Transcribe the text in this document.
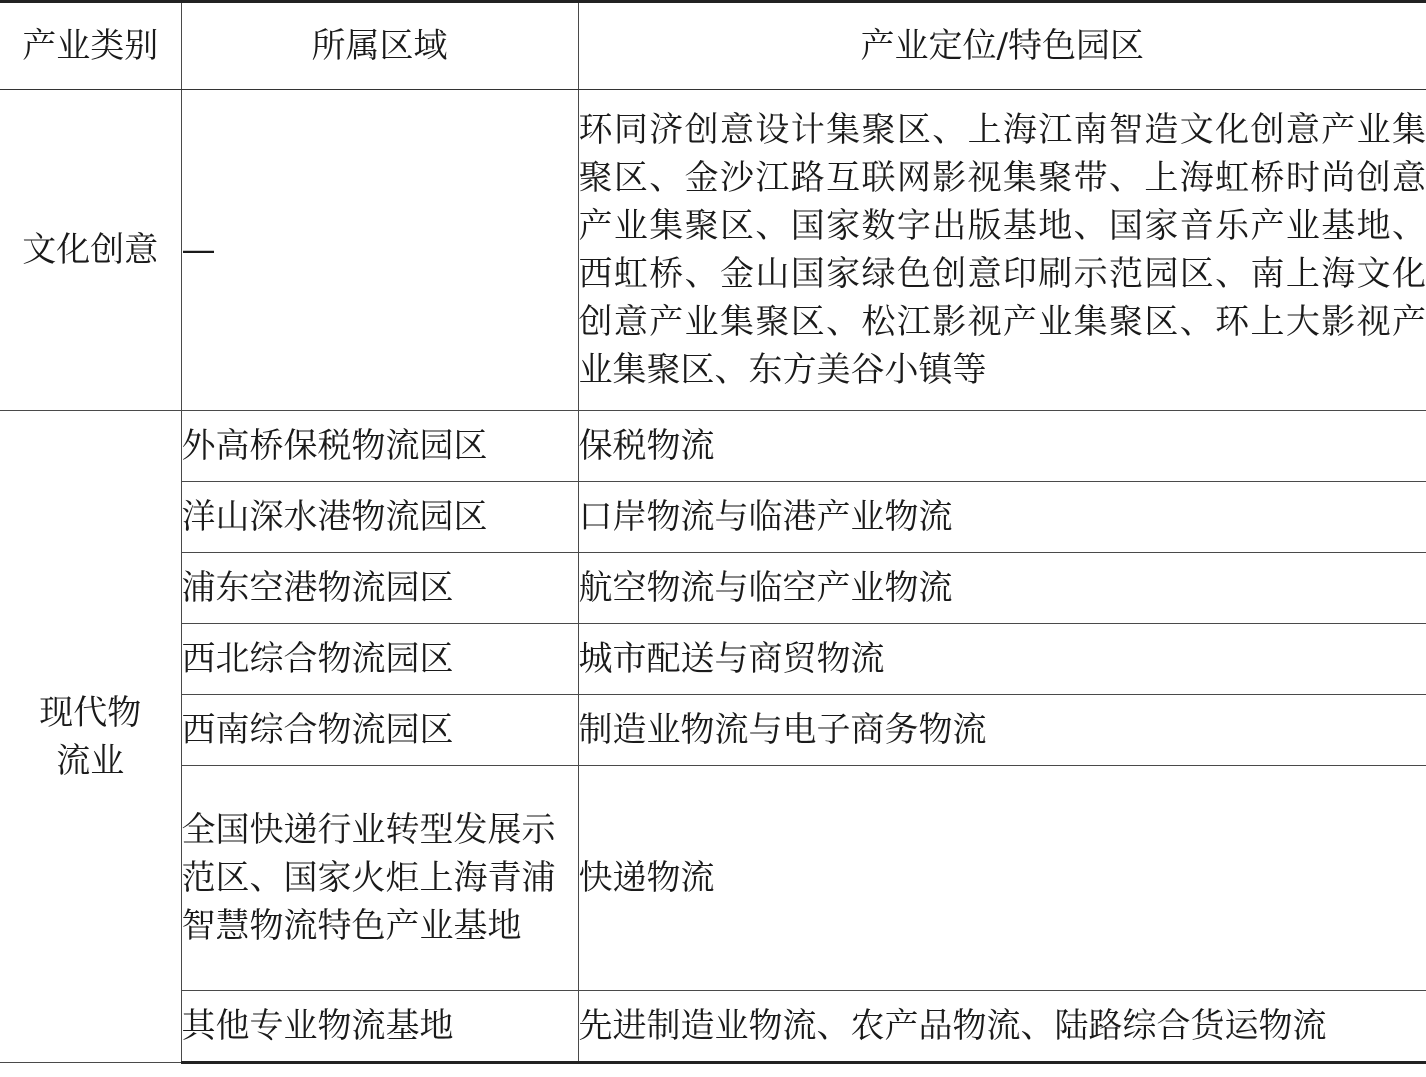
产业类别	所属区域	产业定位/特色园区
文化创意	—	环同济创意设计集聚区、上海江南智造文化创意产业集聚区、金沙江路互联网影视集聚带、上海虹桥时尚创意产业集聚区、国家数字出版基地、国家音乐产业基地、西虹桥、金山国家绿色创意印刷示范园区、南上海文化创意产业集聚区、松江影视产业集聚区、环上大影视产业集聚区、东方美谷小镇等
现代物流业	外高桥保税物流园区	保税物流
	洋山深水港物流园区	口岸物流与临港产业物流
	浦东空港物流园区	航空物流与临空产业物流
	西北综合物流园区	城市配送与商贸物流
	西南综合物流园区	制造业物流与电子商务物流
	全国快递行业转型发展示范区、国家火炬上海青浦智慧物流特色产业基地	快递物流
	其他专业物流基地	先进制造业物流、农产品物流、陆路综合货运物流
